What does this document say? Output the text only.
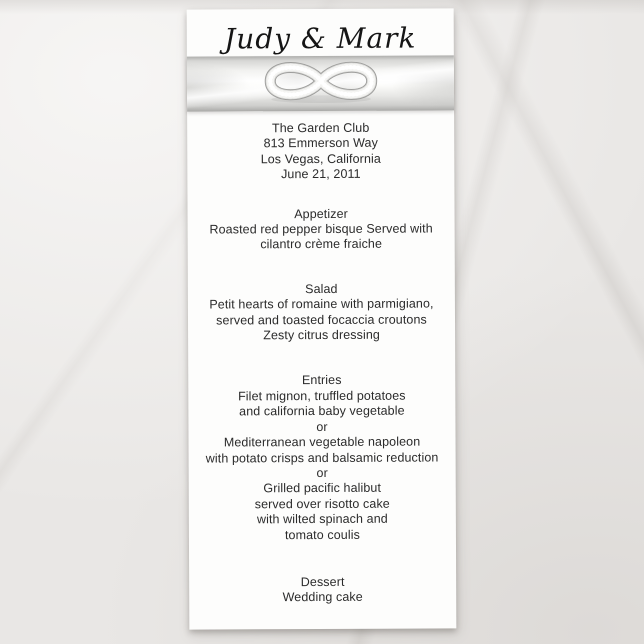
Judy & Mark
The Garden Club
813 Emmerson Way
Los Vegas, California
June 21, 2011
Appetizer
Roasted red pepper bisque Served with
cilantro crème fraiche
Salad
Petit hearts of romaine with parmigiano,
served and toasted focaccia croutons
Zesty citrus dressing
Entries
Filet mignon, truffled potatoes
and california baby vegetable
or
Mediterranean vegetable napoleon
with potato crisps and balsamic reduction
or
Grilled pacific halibut
served over risotto cake
with wilted spinach and
tomato coulis
Dessert
Wedding cake
